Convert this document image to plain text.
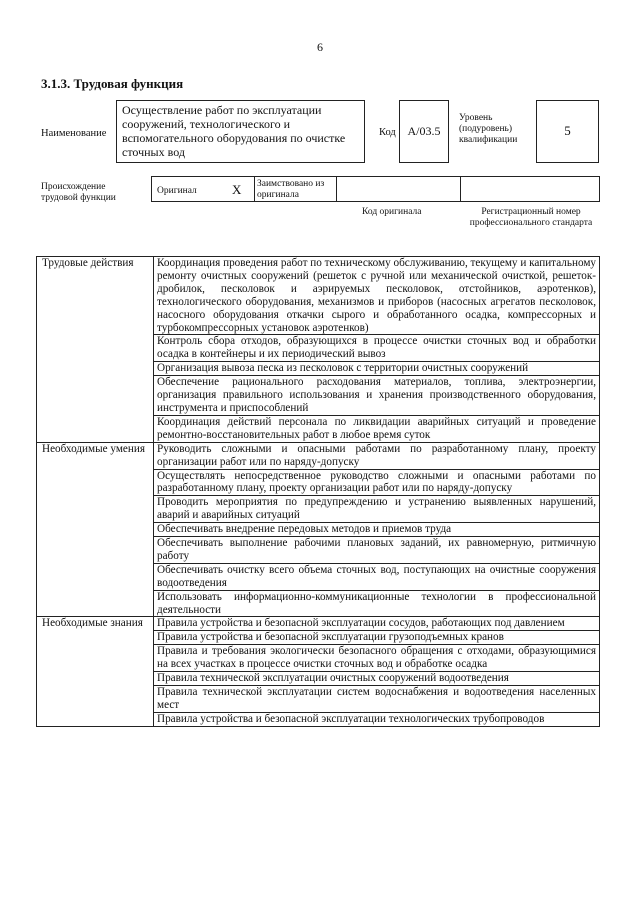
6
3.1.3. Трудовая функция
Наименование
Осуществление работ по эксплуатации сооружений, технологического и вспомогательного оборудования по очистке сточных вод
Код А/03.5
Уровень (подуровень) квалификации
5
Происхождение трудовой функции
Оригинал	X Заимствовано из оригинала
Код оригинала	Регистрационный номер профессионального стандарта
Трудовые действия	Координация проведения работ по техническому обслуживанию, текущему и капитальному ремонту очистных сооружений (решеток с ручной или механической очисткой, решеток-дробилок, песколовок и аэрируемых песколовок, отстойников, аэротенков), технологического оборудования, механизмов и приборов (насосных агрегатов песколовок, насосного оборудования откачки сырого и обработанного осадка, компрессорных и турбокомпрессорных установок аэротенков)
	Контроль сбора отходов, образующихся в процессе очистки сточных вод и обработки осадка в контейнеры и их периодический вывоз
	Организация вывоза песка из песколовок с территории очистных сооружений
	Обеспечение рационального расходования материалов, топлива, электроэнергии, организация правильного использования и хранения производственного оборудования, инструмента и приспособлений
	Координация действий персонала по ликвидации аварийных ситуаций и проведение ремонтно-восстановительных работ в любое время суток
Необходимые умения	Руководить сложными и опасными работами по разработанному плану, проекту организации работ или по наряду-допуску
	Осуществлять непосредственное руководство сложными и опасными работами по разработанному плану, проекту организации работ или по наряду-допуску
	Проводить мероприятия по предупреждению и устранению выявленных нарушений, аварий и аварийных ситуаций
	Обеспечивать внедрение передовых методов и приемов труда
	Обеспечивать выполнение рабочими плановых заданий, их равномерную, ритмичную работу
	Обеспечивать очистку всего объема сточных вод, поступающих на очистные сооружения водоотведения
	Использовать информационно-коммуникационные технологии в профессиональной деятельности
Необходимые знания	Правила устройства и безопасной эксплуатации сосудов, работающих под давлением
	Правила устройства и безопасной эксплуатации грузоподъемных кранов
	Правила и требования экологически безопасного обращения с отходами, образующимися на всех участках в процессе очистки сточных вод и обработке осадка
	Правила технической эксплуатации очистных сооружений водоотведения
	Правила технической эксплуатации систем водоснабжения и водоотведения населенных мест
	Правила устройства и безопасной эксплуатации технологических трубопроводов
